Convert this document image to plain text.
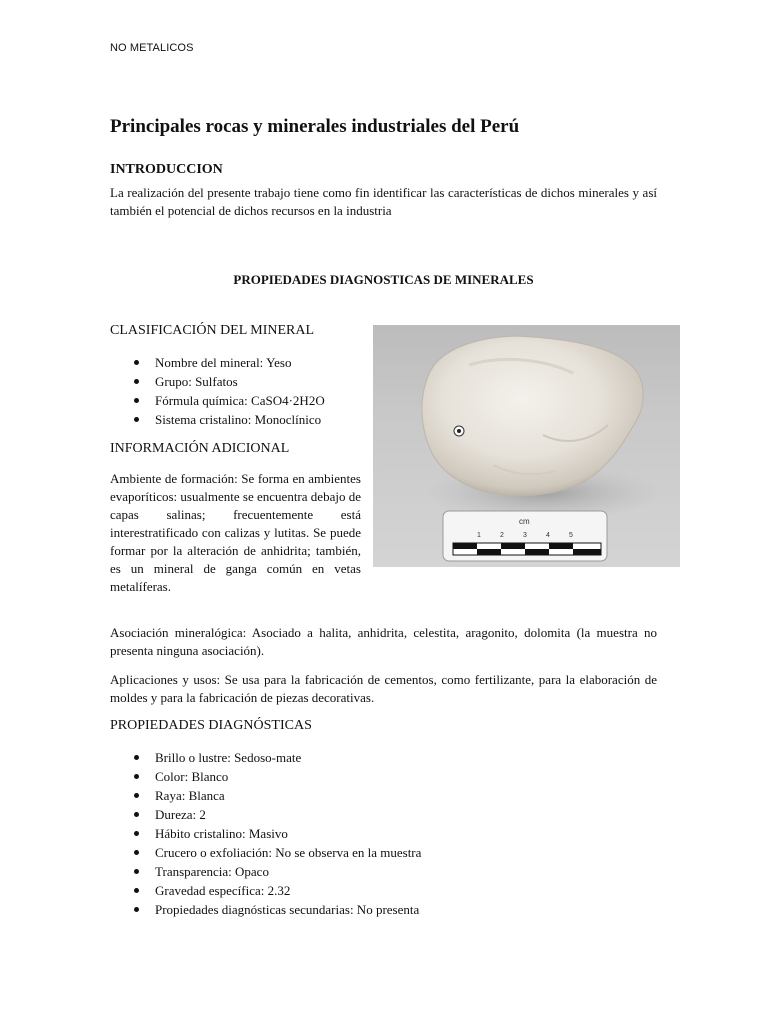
NO METALICOS
Principales rocas y minerales industriales del Perú
INTRODUCCION

La realización del presente trabajo tiene como fin identificar las características de dichos minerales y así también el potencial de dichos recursos en la industria

PROPIEDADES DIAGNOSTICAS DE MINERALES
CLASIFICACIÓN DEL MINERAL
Nombre del mineral: Yeso
Grupo: Sulfatos
Fórmula química: CaSO4·2H2O
Sistema cristalino: Monoclínico
INFORMACIÓN ADICIONAL

Ambiente de formación: Se forma en ambientes evaporíticos: usualmente se encuentra debajo de capas salinas; frecuentemente está interestratificado con calizas y lutitas. Se puede formar por la alteración de anhidrita; también, es un mineral de ganga común en vetas metalíferas.

cm
1	2	3	4	5

Asociación mineralógica: Asociado a halita, anhidrita, celestita, aragonito, dolomita (la muestra no presenta ninguna asociación).

Aplicaciones y usos: Se usa para la fabricación de cementos, como fertilizante, para la elaboración de moldes y para la fabricación de piezas decorativas.

PROPIEDADES DIAGNÓSTICAS
Brillo o lustre: Sedoso-mate
Color: Blanco
Raya: Blanca
Dureza: 2
Hábito cristalino: Masivo
Crucero o exfoliación: No se observa en la muestra
Transparencia: Opaco
Gravedad específica: 2.32
Propiedades diagnósticas secundarias: No presenta
